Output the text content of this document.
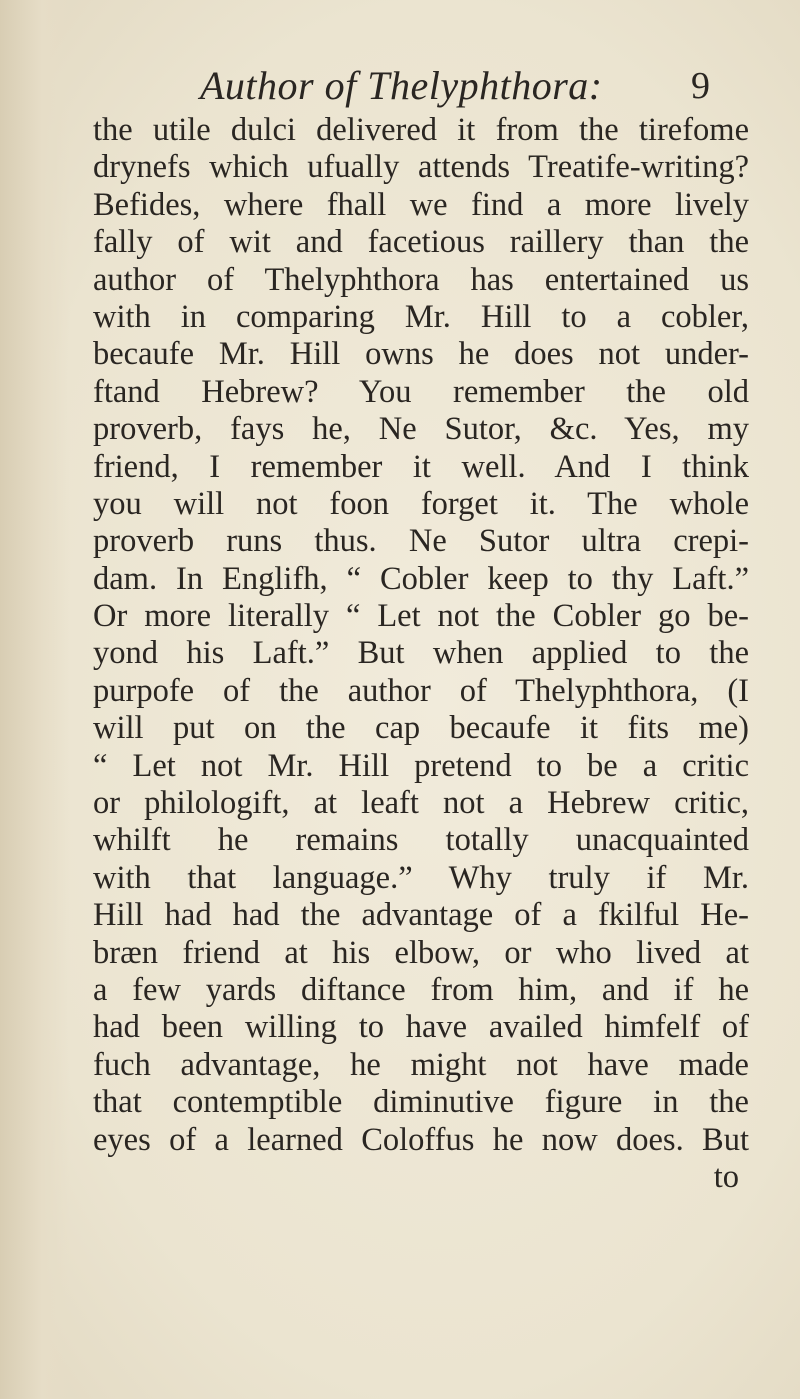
Author of Thelyphthora: 9
the utile dulci delivered it from the tirefome
drynefs which ufually attends Treatife-writing?
Befides, where fhall we find a more lively
fally of wit and facetious raillery than the
author of Thelyphthora has entertained us
with in comparing Mr. Hill to a cobler,
becaufe Mr. Hill owns he does not under-
ftand Hebrew? You remember the old
proverb, fays he, Ne Sutor, &c. Yes, my
friend, I remember it well. And I think
you will not foon forget it. The whole
proverb runs thus. Ne Sutor ultra crepi-
dam. In Englifh, “ Cobler keep to thy Laft.”
Or more literally “ Let not the Cobler go be-
yond his Laft.” But when applied to the
purpofe of the author of Thelyphthora, (I
will put on the cap becaufe it fits me)
“ Let not Mr. Hill pretend to be a critic
or philologift, at leaft not a Hebrew critic,
whilft he remains totally unacquainted
with that language.” Why truly if Mr.
Hill had had the advantage of a fkilful He-
bræn friend at his elbow, or who lived at
a few yards diftance from him, and if he
had been willing to have availed himfelf of
fuch advantage, he might not have made
that contemptible diminutive figure in the
eyes of a learned Coloffus he now does. But
to
